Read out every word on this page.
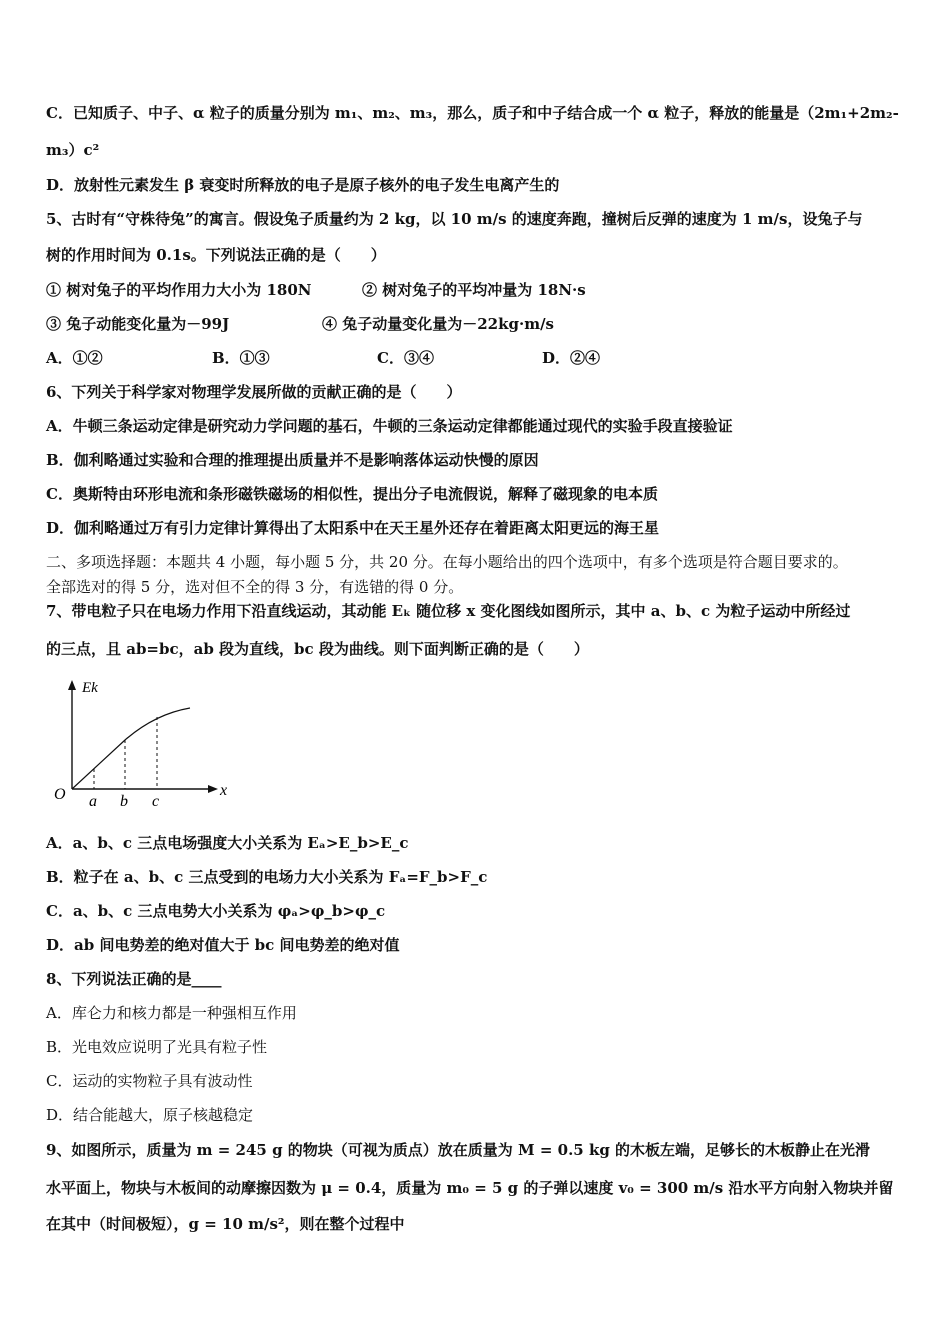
C．已知质子、中子、α 粒子的质量分别为 m₁、m₂、m₃，那么，质子和中子结合成一个 α 粒子，释放的能量是（2m₁+2m₂-
m₃）c²
D．放射性元素发生 β 衰变时所释放的电子是原子核外的电子发生电离产生的
5、古时有“守株待兔”的寓言。假设兔子质量约为 2 kg，以 10 m/s 的速度奔跑，撞树后反弹的速度为 1 m/s，设兔子与
树的作用时间为 0.1s。下列说法正确的是（　　）
① 树对兔子的平均作用力大小为 180N	② 树对兔子的平均冲量为 18N·s
③ 兔子动能变化量为－99J	④ 兔子动量变化量为－22kg·m/s
A．①②	B．①③	C．③④	D．②④
6、下列关于科学家对物理学发展所做的贡献正确的是（　　）
A．牛顿三条运动定律是研究动力学问题的基石，牛顿的三条运动定律都能通过现代的实验手段直接验证
B．伽利略通过实验和合理的推理提出质量并不是影响落体运动快慢的原因
C．奥斯特由环形电流和条形磁铁磁场的相似性，提出分子电流假说，解释了磁现象的电本质
D．伽利略通过万有引力定律计算得出了太阳系中在天王星外还存在着距离太阳更远的海王星
二、多项选择题：本题共 4 小题，每小题 5 分，共 20 分。在每小题给出的四个选项中，有多个选项是符合题目要求的。
全部选对的得 5 分，选对但不全的得 3 分，有选错的得 0 分。
7、带电粒子只在电场力作用下沿直线运动，其动能 Eₖ 随位移 x 变化图线如图所示，其中 a、b、c 为粒子运动中所经过
的三点，且 ab=bc，ab 段为直线，bc 段为曲线。则下面判断正确的是（　　）
Ek
x
O a b c
A．a、b、c 三点电场强度大小关系为 Eₐ>E_b>E_c
B．粒子在 a、b、c 三点受到的电场力大小关系为 Fₐ=F_b>F_c
C．a、b、c 三点电势大小关系为 φₐ>φ_b>φ_c
D．ab 间电势差的绝对值大于 bc 间电势差的绝对值
8、下列说法正确的是____
A．库仑力和核力都是一种强相互作用
B．光电效应说明了光具有粒子性
C．运动的实物粒子具有波动性
D．结合能越大，原子核越稳定
9、如图所示，质量为 m = 245 g 的物块（可视为质点）放在质量为 M = 0.5 kg 的木板左端，足够长的木板静止在光滑
水平面上，物块与木板间的动摩擦因数为 μ = 0.4，质量为 m₀ = 5 g 的子弹以速度 v₀ = 300 m/s 沿水平方向射入物块并留
在其中（时间极短），g = 10 m/s²，则在整个过程中
